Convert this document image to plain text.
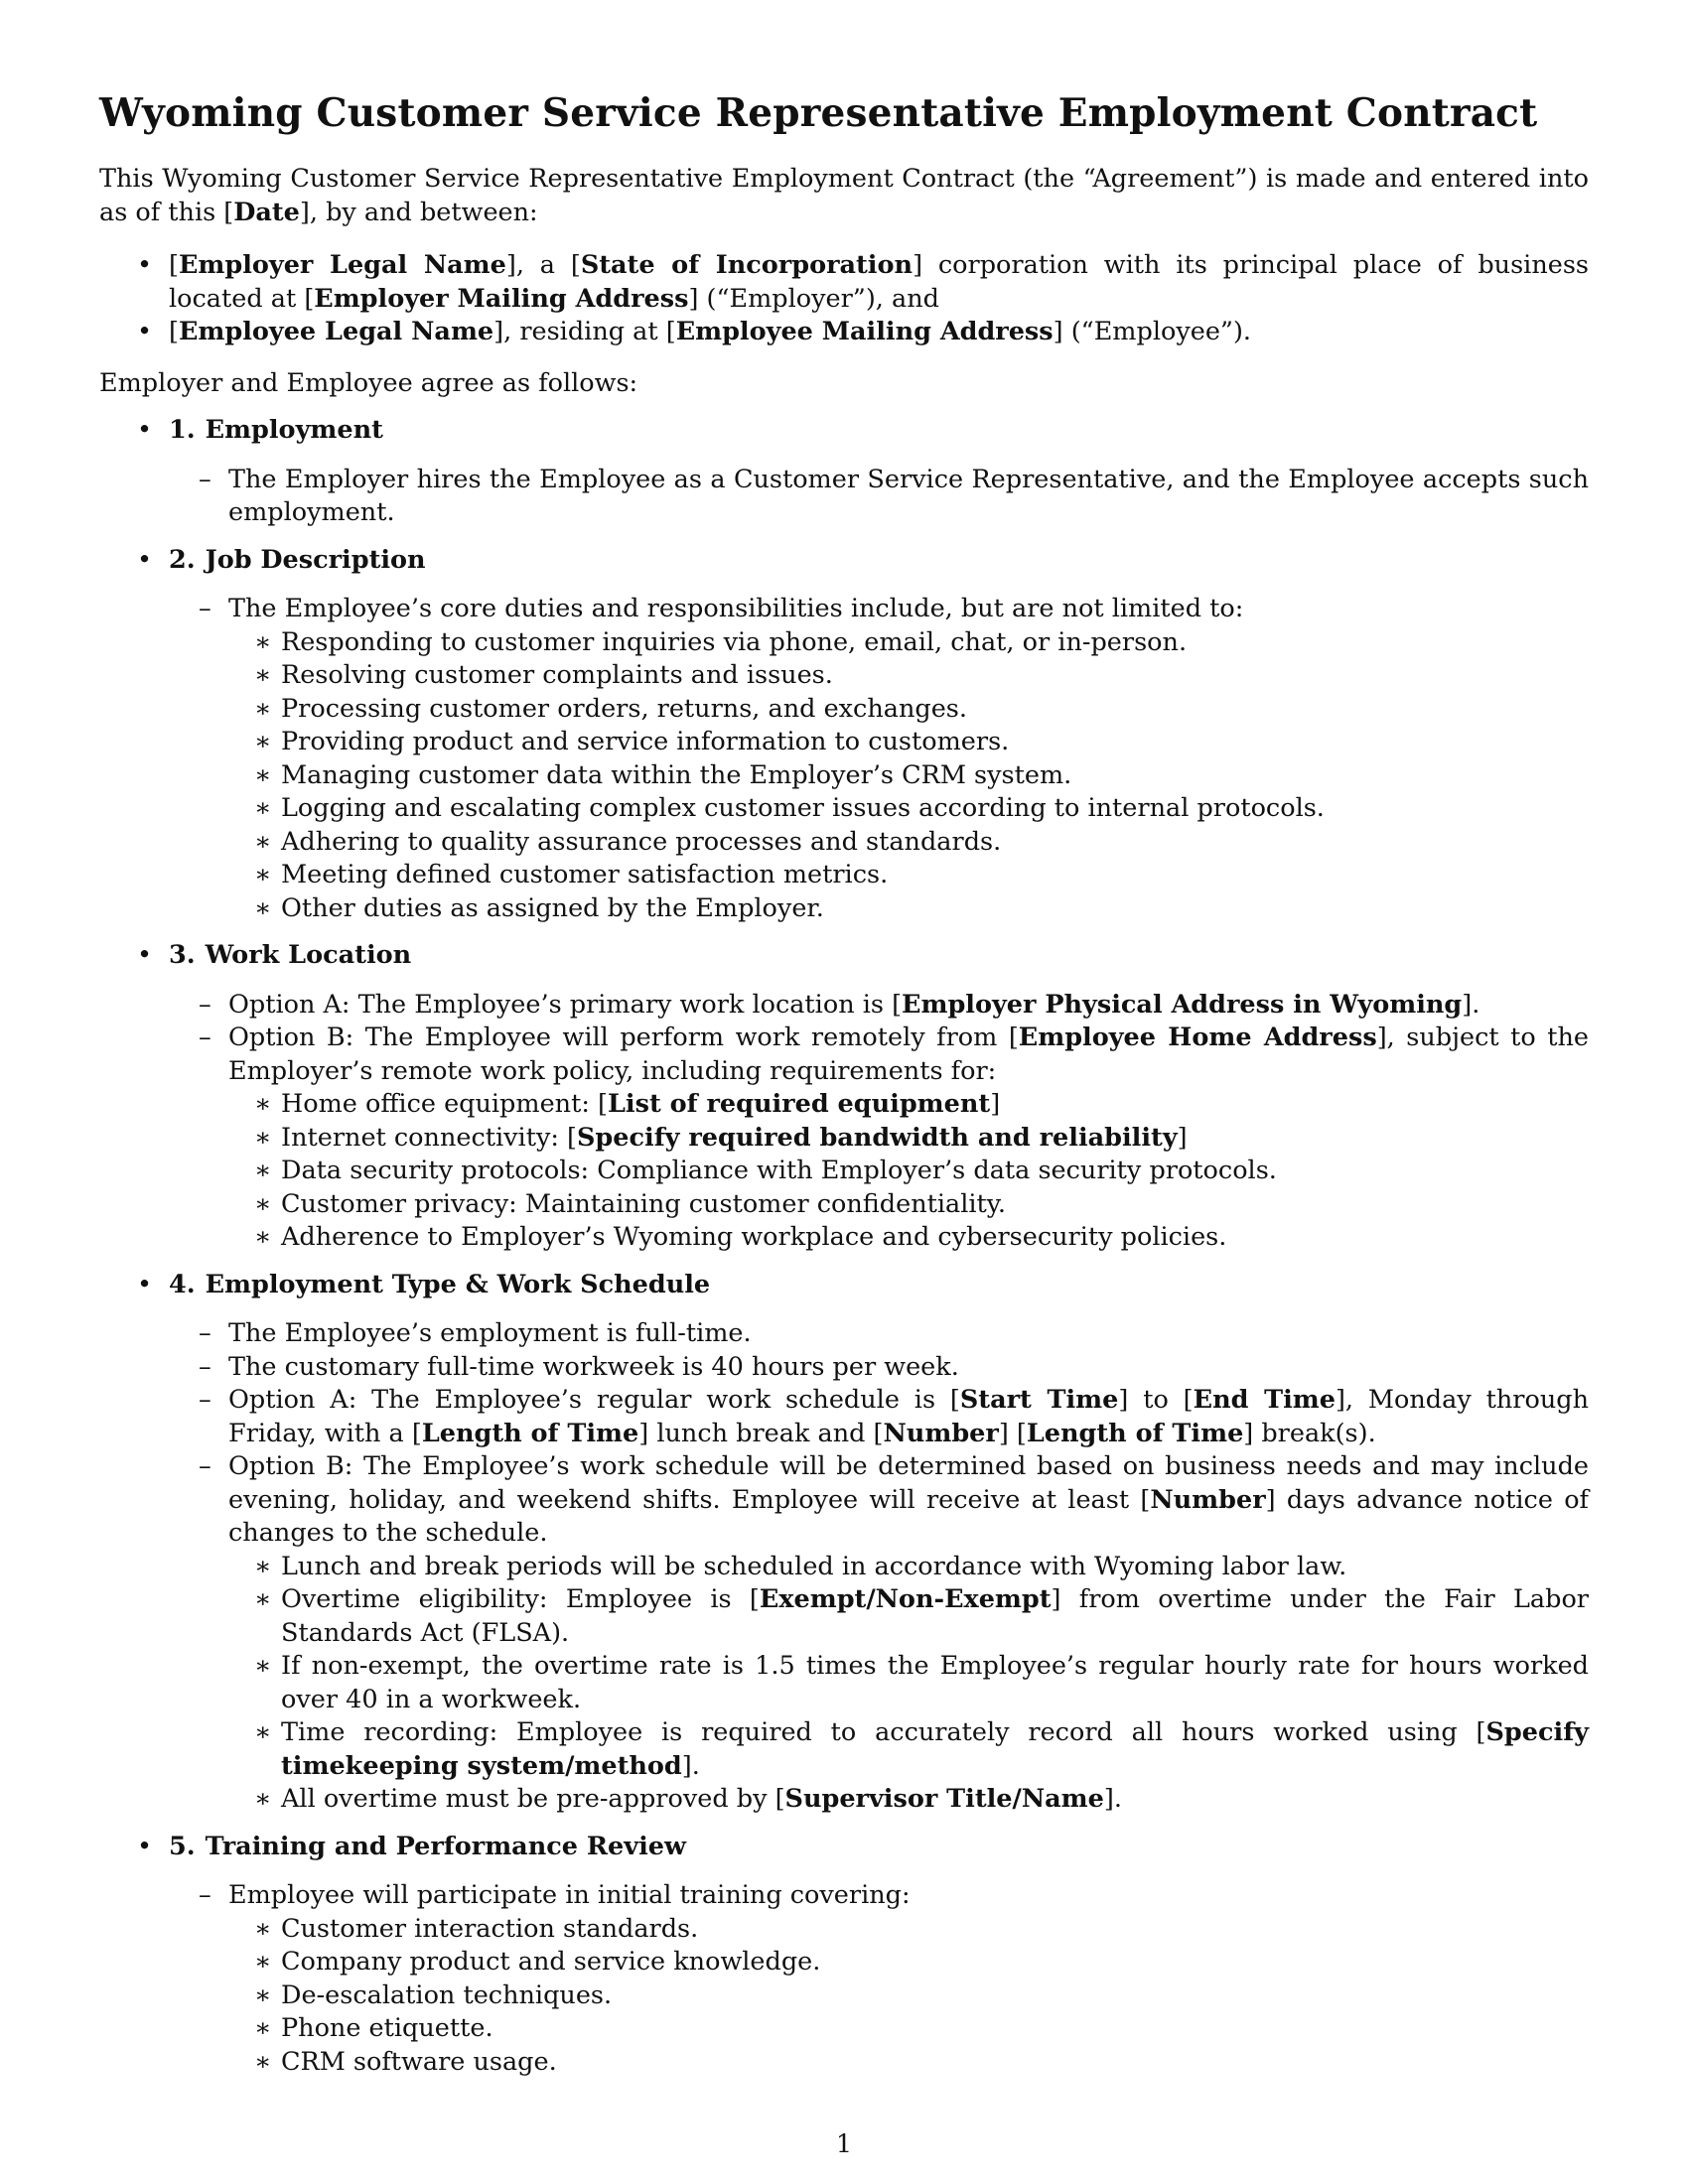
Wyoming Customer Service Representative Employment Contract

This Wyoming Customer Service Representative Employment Contract (the “Agreement”) is made and entered into as of this [Date], by and between:

• [Employer Legal Name], a [State of Incorporation] corporation with its principal place of business located at [Employer Mailing Address] (“Employer”), and
• [Employee Legal Name], residing at [Employee Mailing Address] (“Employee”).

Employer and Employee agree as follows:

• 1. Employment
– The Employer hires the Employee as a Customer Service Representative, and the Employee accepts such employment.
• 2. Job Description
– The Employee’s core duties and responsibilities include, but are not limited to:
∗ Responding to customer inquiries via phone, email, chat, or in-person.
∗ Resolving customer complaints and issues.
∗ Processing customer orders, returns, and exchanges.
∗ Providing product and service information to customers.
∗ Managing customer data within the Employer’s CRM system.
∗ Logging and escalating complex customer issues according to internal protocols.
∗ Adhering to quality assurance processes and standards.
∗ Meeting defined customer satisfaction metrics.
∗ Other duties as assigned by the Employer.
• 3. Work Location
– Option A: The Employee’s primary work location is [Employer Physical Address in Wyoming].
– Option B: The Employee will perform work remotely from [Employee Home Address], subject to the Employer’s remote work policy, including requirements for:
∗ Home office equipment: [List of required equipment]
∗ Internet connectivity: [Specify required bandwidth and reliability]
∗ Data security protocols: Compliance with Employer’s data security protocols.
∗ Customer privacy: Maintaining customer confidentiality.
∗ Adherence to Employer’s Wyoming workplace and cybersecurity policies.
• 4. Employment Type & Work Schedule
– The Employee’s employment is full-time.
– The customary full-time workweek is 40 hours per week.
– Option A: The Employee’s regular work schedule is [Start Time] to [End Time], Monday through Friday, with a [Length of Time] lunch break and [Number] [Length of Time] break(s).
– Option B: The Employee’s work schedule will be determined based on business needs and may include evening, holiday, and weekend shifts. Employee will receive at least [Number] days advance notice of changes to the schedule.
∗ Lunch and break periods will be scheduled in accordance with Wyoming labor law.
∗ Overtime eligibility: Employee is [Exempt/Non-Exempt] from overtime under the Fair Labor Standards Act (FLSA).
∗ If non-exempt, the overtime rate is 1.5 times the Employee’s regular hourly rate for hours worked over 40 in a workweek.
∗ Time recording: Employee is required to accurately record all hours worked using [Specify timekeeping system/method].
∗ All overtime must be pre-approved by [Supervisor Title/Name].
• 5. Training and Performance Review
– Employee will participate in initial training covering:
∗ Customer interaction standards.
∗ Company product and service knowledge.
∗ De-escalation techniques.
∗ Phone etiquette.
∗ CRM software usage.
1
